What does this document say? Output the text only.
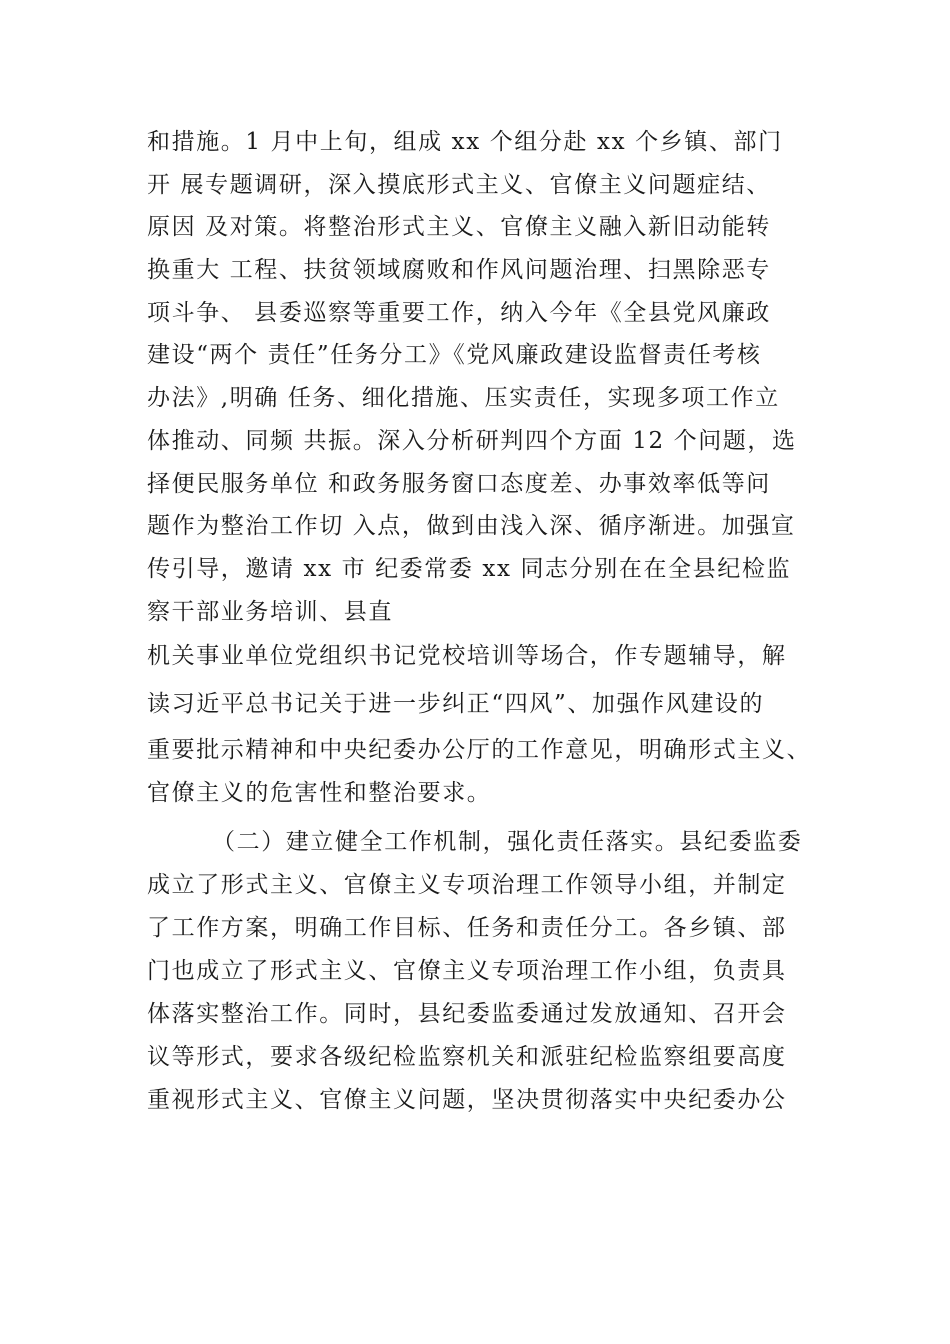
和措施。1 月中上旬，组成 xx 个组分赴 xx 个乡镇、部门
开 展专题调研，深入摸底形式主义、官僚主义问题症结、
原因 及对策。将整治形式主义、官僚主义融入新旧动能转
换重大 工程、扶贫领域腐败和作风问题治理、扫黑除恶专
项斗争、 县委巡察等重要工作，纳入今年《全县党风廉政
建设“两个 责任”任务分工》《党风廉政建设监督责任考核
办法》,明确 任务、细化措施、压实责任，实现多项工作立
体推动、同频 共振。深入分析研判四个方面 12 个问题，选
择便民服务单位 和政务服务窗口态度差、办事效率低等问
题作为整治工作切 入点，做到由浅入深、循序渐进。加强宣
传引导，邀请 xx 市 纪委常委 xx 同志分别在在全县纪检监
察干部业务培训、县直
机关事业单位党组织书记党校培训等场合，作专题辅导，解
读习近平总书记关于进一步纠正“四风”、加强作风建设的
重要批示精神和中央纪委办公厅的工作意见，明确形式主义、
官僚主义的危害性和整治要求。
（二）建立健全工作机制，强化责任落实。县纪委监委
成立了形式主义、官僚主义专项治理工作领导小组，并制定
了工作方案，明确工作目标、任务和责任分工。各乡镇、部
门也成立了形式主义、官僚主义专项治理工作小组，负责具
体落实整治工作。同时，县纪委监委通过发放通知、召开会
议等形式，要求各级纪检监察机关和派驻纪检监察组要高度
重视形式主义、官僚主义问题，坚决贯彻落实中央纪委办公
